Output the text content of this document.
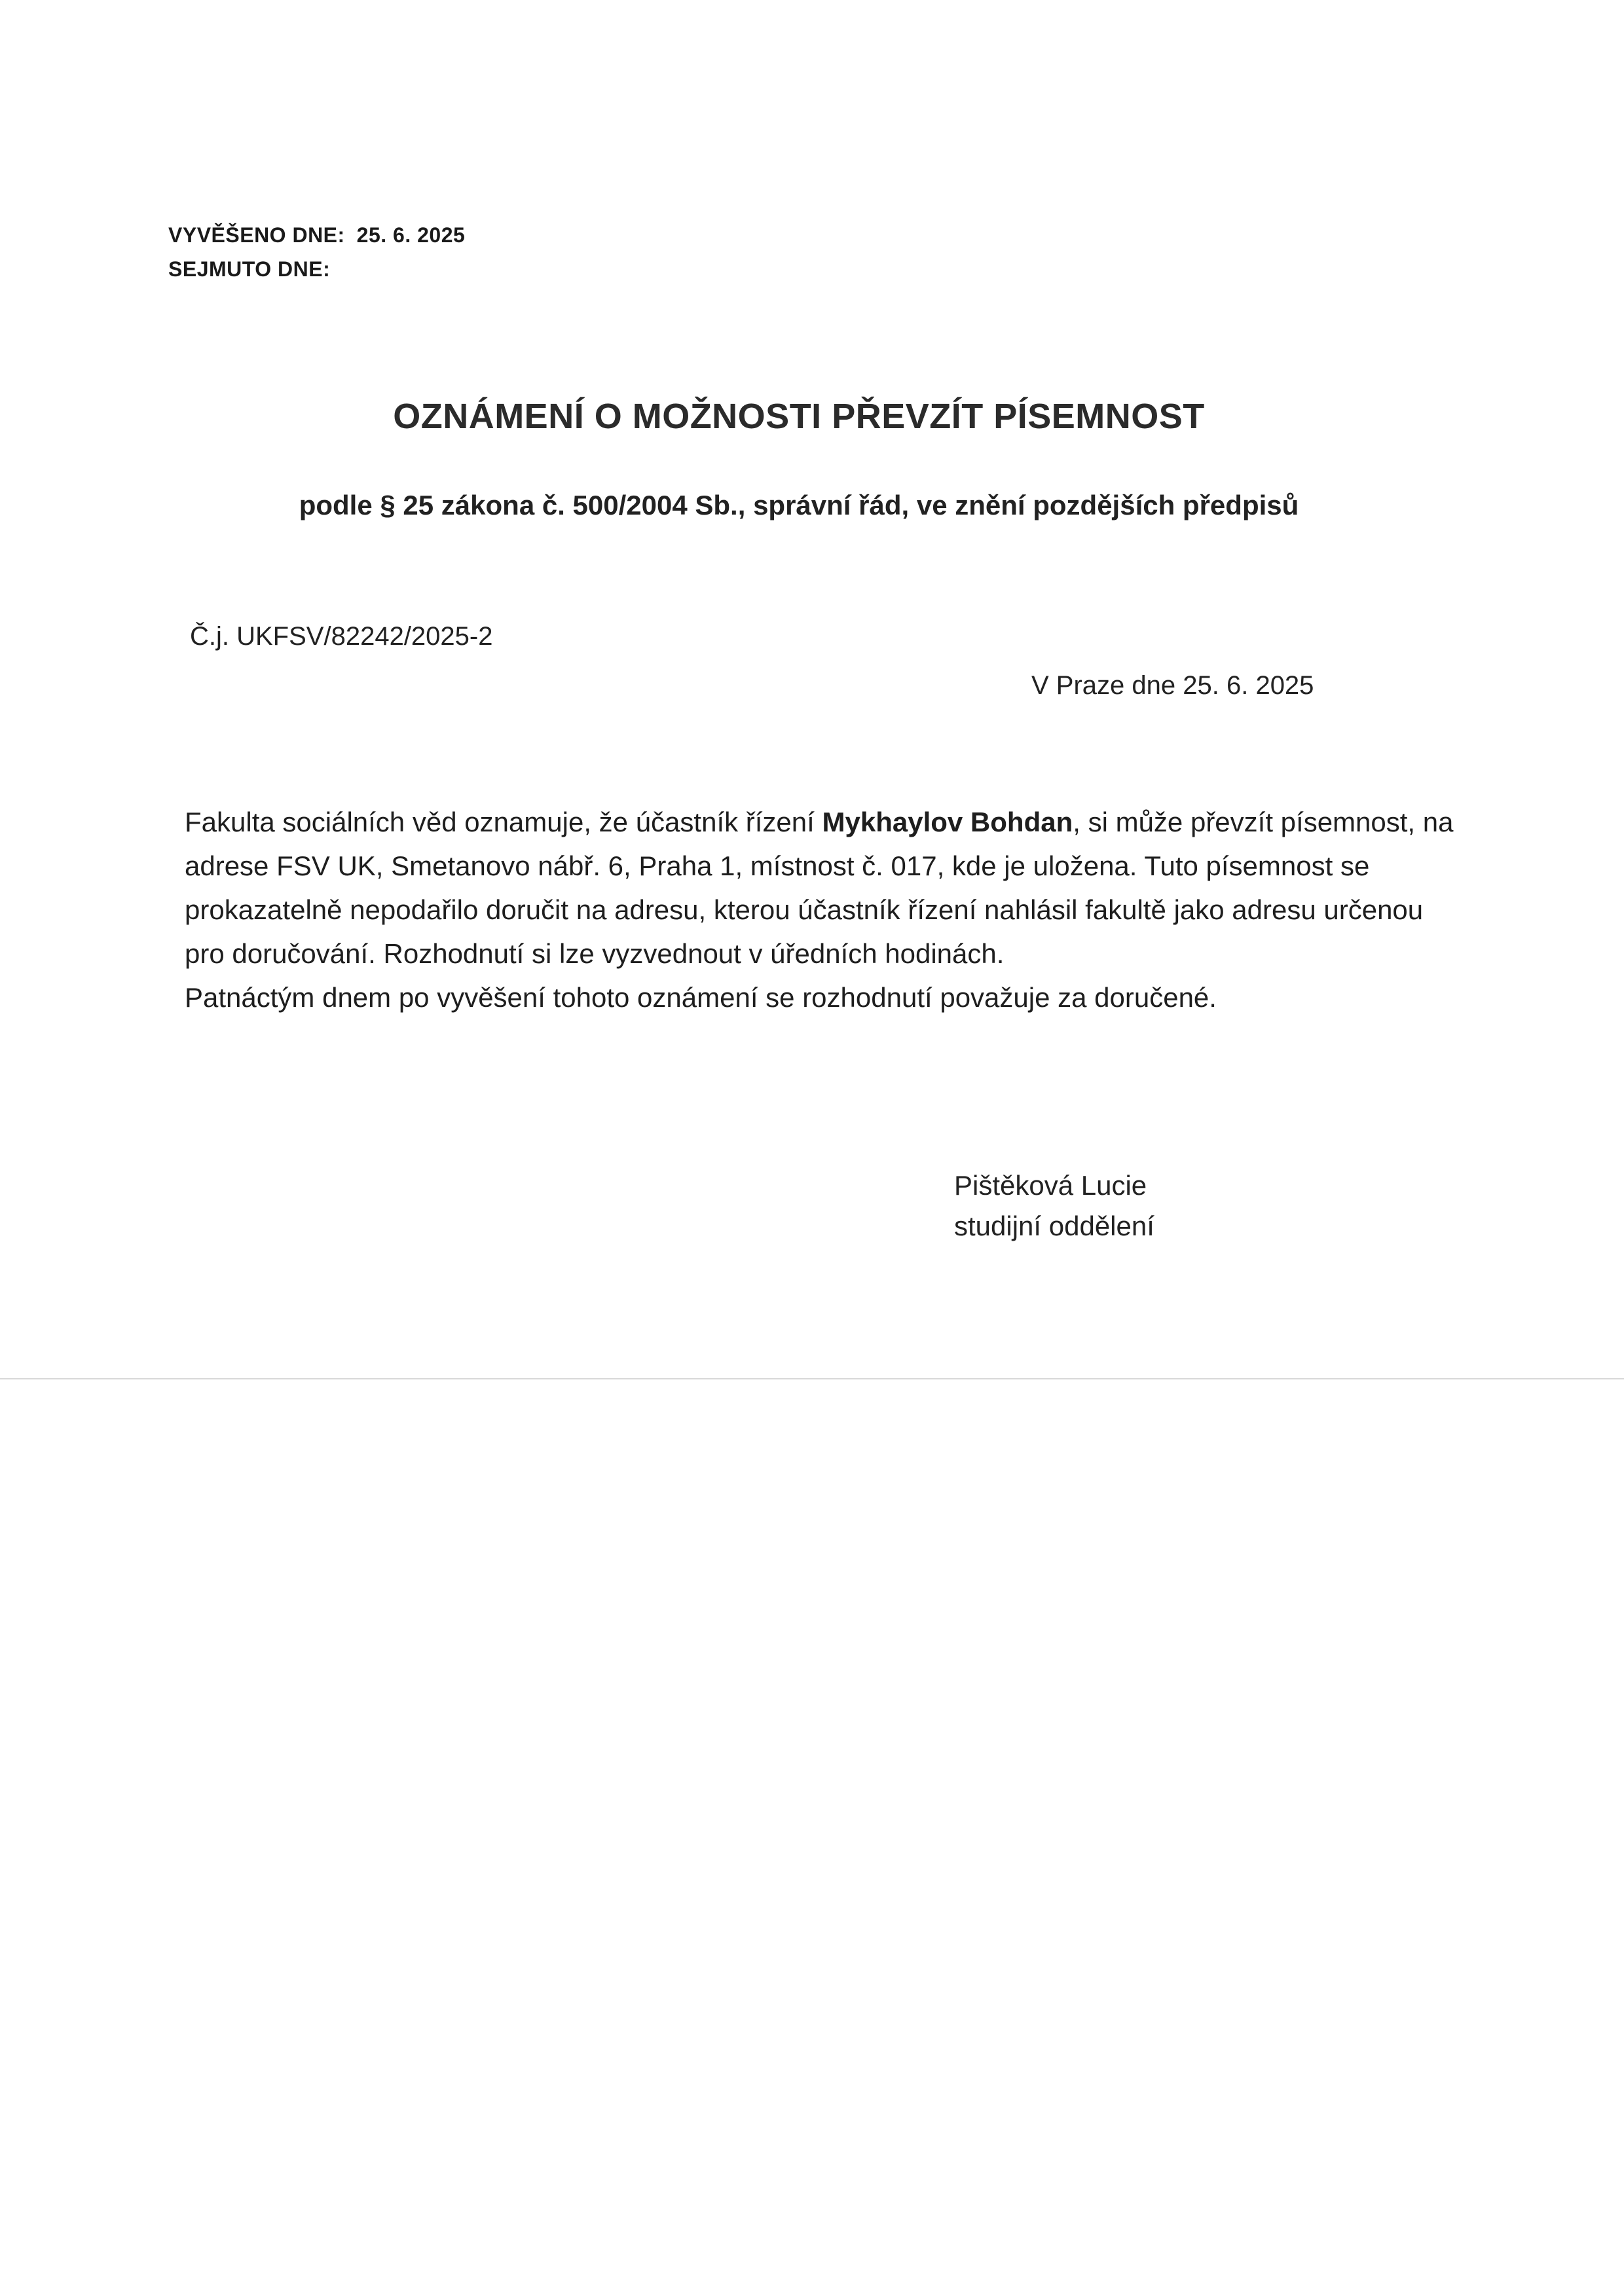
VYVĚŠENO DNE: 25. 6. 2025
SEJMUTO DNE:
OZNÁMENÍ O MOŽNOSTI PŘEVZÍT PÍSEMNOST
podle § 25 zákona č. 500/2004 Sb., správní řád, ve znění pozdějších předpisů
Č.j. UKFSV/82242/2025-2
V Praze dne 25. 6. 2025

Fakulta sociálních věd oznamuje, že účastník řízení Mykhaylov Bohdan, si může převzít písemnost, na adrese FSV UK, Smetanovo nábř. 6, Praha 1, místnost č. 017, kde je uložena. Tuto písemnost se prokazatelně nepodařilo doručit na adresu, kterou účastník řízení nahlásil fakultě jako adresu určenou pro doručování. Rozhodnutí si lze vyzvednout v úředních hodinách.

Patnáctým dnem po vyvěšení tohoto oznámení se rozhodnutí považuje za doručené.

Pištěková Lucie
studijní oddělení
